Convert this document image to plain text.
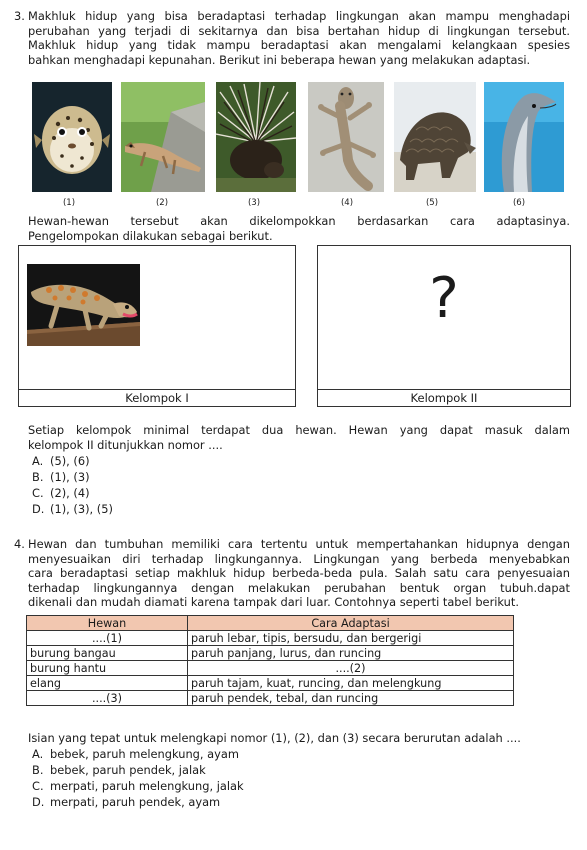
3. Makhluk hidup yang bisa beradaptasi terhadap lingkungan akan mampu menghadapi
perubahan yang terjadi di sekitarnya dan bisa bertahan hidup di lingkungan tersebut.
Makhluk hidup yang tidak mampu beradaptasi akan mengalami kelangkaan spesies
bahkan menghadapi kepunahan. Berikut ini beberapa hewan yang melakukan adaptasi.
(1)	(2)	(3)	(4)	(5)	(6)
Hewan-hewan tersebut akan dikelompokkan berdasarkan cara adaptasinya.
Pengelompokan dilakukan sebagai berikut.
Kelompok I
?
Kelompok II
Setiap kelompok minimal terdapat dua hewan. Hewan yang dapat masuk dalam
kelompok II ditunjukkan nomor ....
A. (5), (6)
B. (1), (3)
C. (2), (4)
D. (1), (3), (5)
4. Hewan dan tumbuhan memiliki cara tertentu untuk mempertahankan hidupnya dengan
menyesuaikan diri terhadap lingkungannya. Lingkungan yang berbeda menyebabkan
cara beradaptasi setiap makhluk hidup berbeda-beda pula. Salah satu cara penyesuaian
terhadap lingkungannya dengan melakukan perubahan bentuk organ tubuh.dapat
dikenali dan mudah diamati karena tampak dari luar. Contohnya seperti tabel berikut.
Hewan	Cara Adaptasi
....(1)	paruh lebar, tipis, bersudu, dan bergerigi
burung bangau	paruh panjang, lurus, dan runcing
burung hantu	....(2)
elang	paruh tajam, kuat, runcing, dan melengkung
....(3)	paruh pendek, tebal, dan runcing
Isian yang tepat untuk melengkapi nomor (1), (2), dan (3) secara berurutan adalah ....
A. bebek, paruh melengkung, ayam
B. bebek, paruh pendek, jalak
C. merpati, paruh melengkung, jalak
D. merpati, paruh pendek, ayam
